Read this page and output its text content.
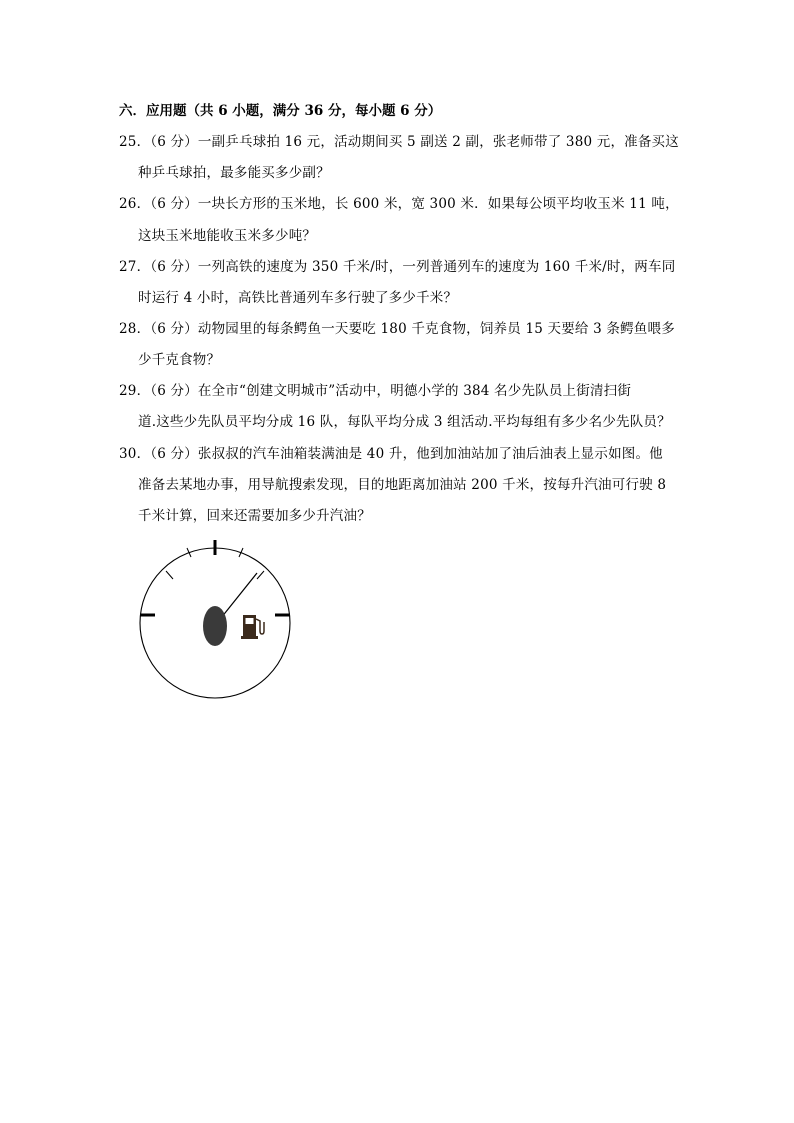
六．应用题（共 6 小题，满分 36 分，每小题 6 分）
25．（6 分）一副乒乓球拍 16 元，活动期间买 5 副送 2 副，张老师带了 380 元，准备买这
种乒乓球拍，最多能买多少副？
26．（6 分）一块长方形的玉米地，长 600 米，宽 300 米．如果每公顷平均收玉米 11 吨，
这块玉米地能收玉米多少吨？
27．（6 分）一列高铁的速度为 350 千米/时，一列普通列车的速度为 160 千米/时，两车同
时运行 4 小时，高铁比普通列车多行驶了多少千米？
28．（6 分）动物园里的每条鳄鱼一天要吃 180 千克食物，饲养员 15 天要给 3 条鳄鱼喂多
少千克食物？
29．（6 分）在全市“创建文明城市”活动中，明德小学的 384 名少先队员上街清扫街
道.这些少先队员平均分成 16 队，每队平均分成 3 组活动.平均每组有多少名少先队员？
30．（6 分）张叔叔的汽车油箱装满油是 40 升，他到加油站加了油后油表上显示如图。他
准备去某地办事，用导航搜索发现，目的地距离加油站 200 千米，按每升汽油可行驶 8
千米计算，回来还需要加多少升汽油？
